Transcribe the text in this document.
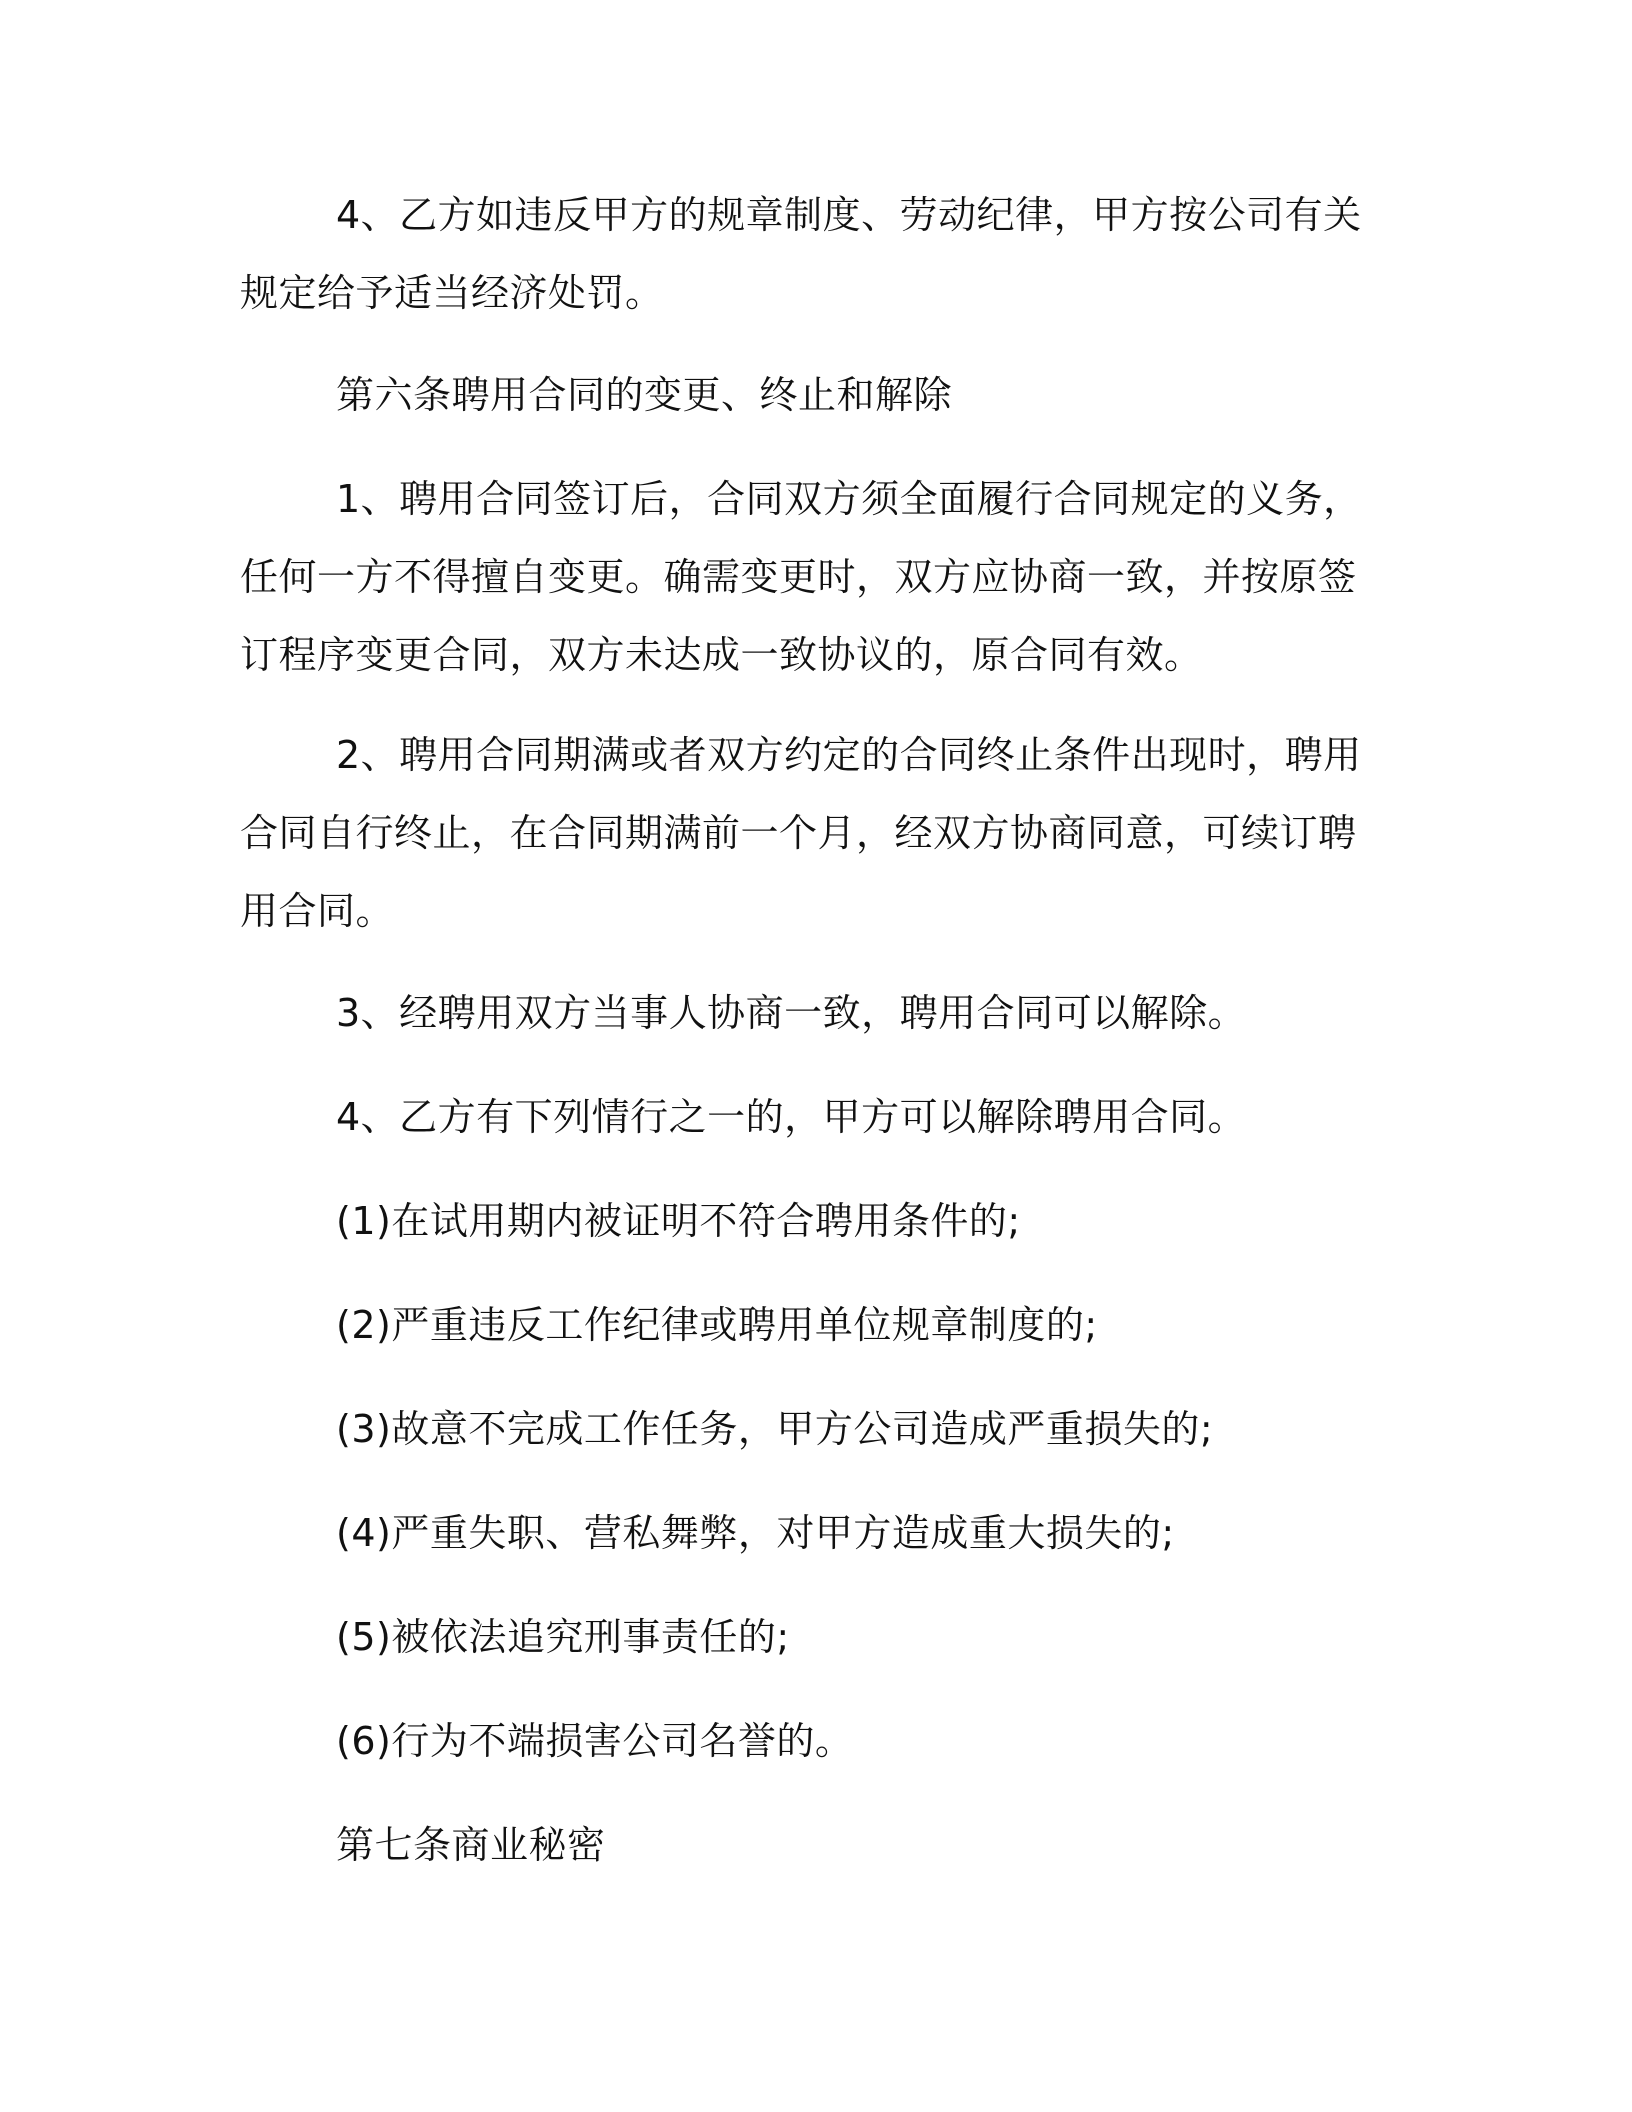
4、乙方如违反甲方的规章制度、劳动纪律，甲方按公司有关规定给予适当经济处罚。

第六条聘用合同的变更、终止和解除

1、聘用合同签订后，合同双方须全面履行合同规定的义务，任何一方不得擅自变更。确需变更时，双方应协商一致，并按原签订程序变更合同，双方未达成一致协议的，原合同有效。

2、聘用合同期满或者双方约定的合同终止条件出现时，聘用合同自行终止，在合同期满前一个月，经双方协商同意，可续订聘用合同。

3、经聘用双方当事人协商一致，聘用合同可以解除。

4、乙方有下列情行之一的，甲方可以解除聘用合同。

(1)在试用期内被证明不符合聘用条件的;

(2)严重违反工作纪律或聘用单位规章制度的;

(3)故意不完成工作任务，甲方公司造成严重损失的;

(4)严重失职、营私舞弊，对甲方造成重大损失的;

(5)被依法追究刑事责任的;

(6)行为不端损害公司名誉的。

第七条商业秘密
